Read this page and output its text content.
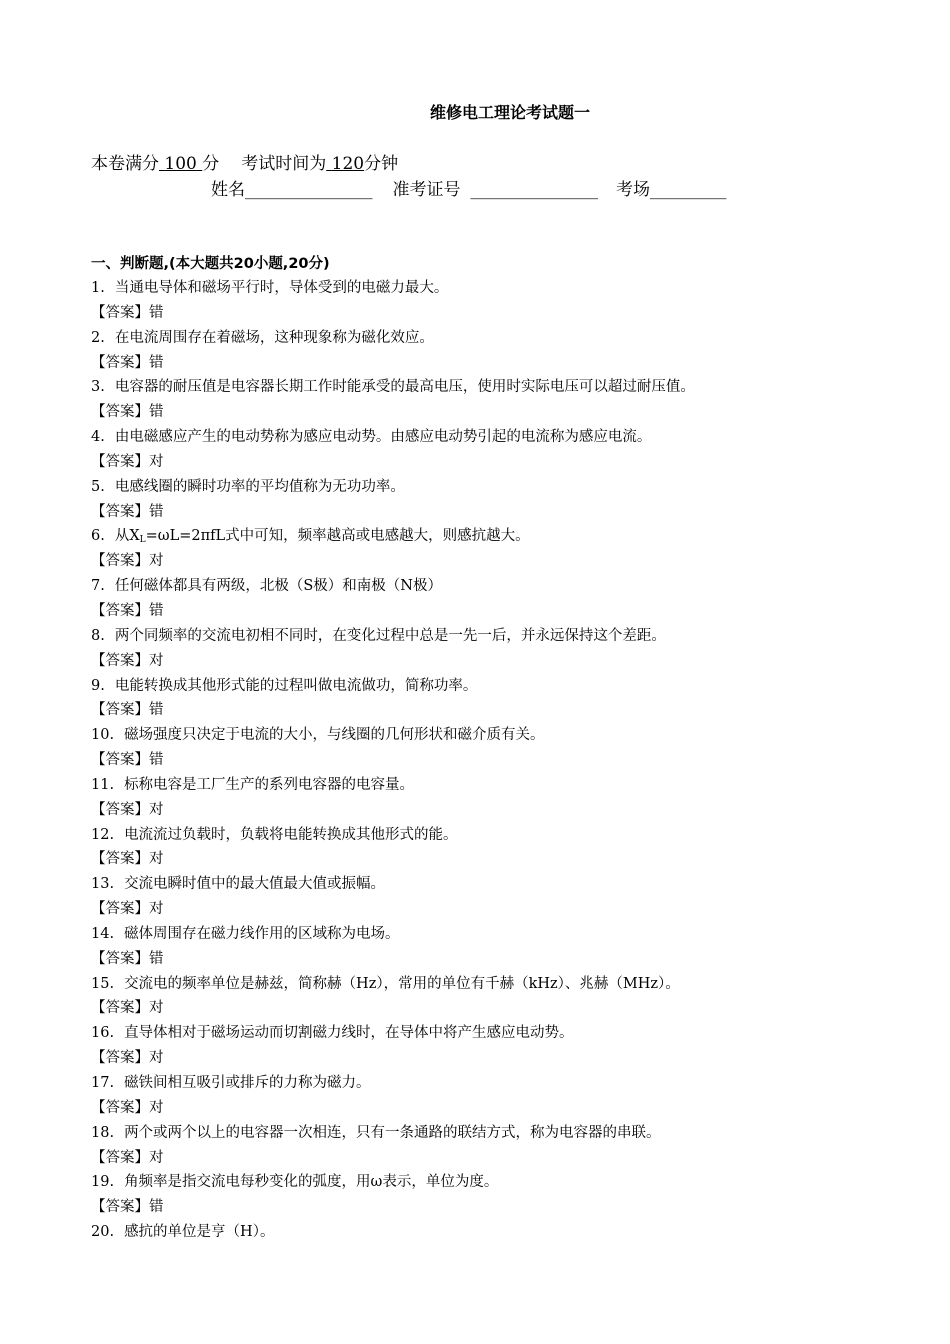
维修电工理论考试题一
本卷满分 100 分 考试时间为 120分钟
姓名_______________ 准考证号 _______________ 考场_________
一、判断题,(本大题共20小题,20分)
1. 当通电导体和磁场平行时，导体受到的电磁力最大。
【答案】错
2. 在电流周围存在着磁场，这种现象称为磁化效应。
【答案】错
3. 电容器的耐压值是电容器长期工作时能承受的最高电压，使用时实际电压可以超过耐压值。
【答案】错
4. 由电磁感应产生的电动势称为感应电动势。由感应电动势引起的电流称为感应电流。
【答案】对
5. 电感线圈的瞬时功率的平均值称为无功功率。
【答案】错
6. 从$X_L=\omega L=2\pi fL$式中可知，频率越高或电感越大，则感抗越大。
【答案】对
7. 任何磁体都具有两级，北极（S极）和南极（N极）
【答案】错
8. 两个同频率的交流电初相不同时，在变化过程中总是一先一后，并永远保持这个差距。
【答案】对
9. 电能转换成其他形式能的过程叫做电流做功，简称功率。
【答案】错
10. 磁场强度只决定于电流的大小，与线圈的几何形状和磁介质有关。
【答案】错
11. 标称电容是工厂生产的系列电容器的电容量。
【答案】对
12. 电流流过负载时，负载将电能转换成其他形式的能。
【答案】对
13. 交流电瞬时值中的最大值最大值或振幅。
【答案】对
14. 磁体周围存在磁力线作用的区域称为电场。
【答案】错
15. 交流电的频率单位是赫兹，简称赫（Hz），常用的单位有千赫（kHz）、兆赫（MHz）。
【答案】对
16. 直导体相对于磁场运动而切割磁力线时，在导体中将产生感应电动势。
【答案】对
17. 磁铁间相互吸引或排斥的力称为磁力。
【答案】对
18. 两个或两个以上的电容器一次相连，只有一条通路的联结方式，称为电容器的串联。
【答案】对
19. 角频率是指交流电每秒变化的弧度，用ω表示，单位为度。
【答案】错
20. 感抗的单位是亨（H）。
